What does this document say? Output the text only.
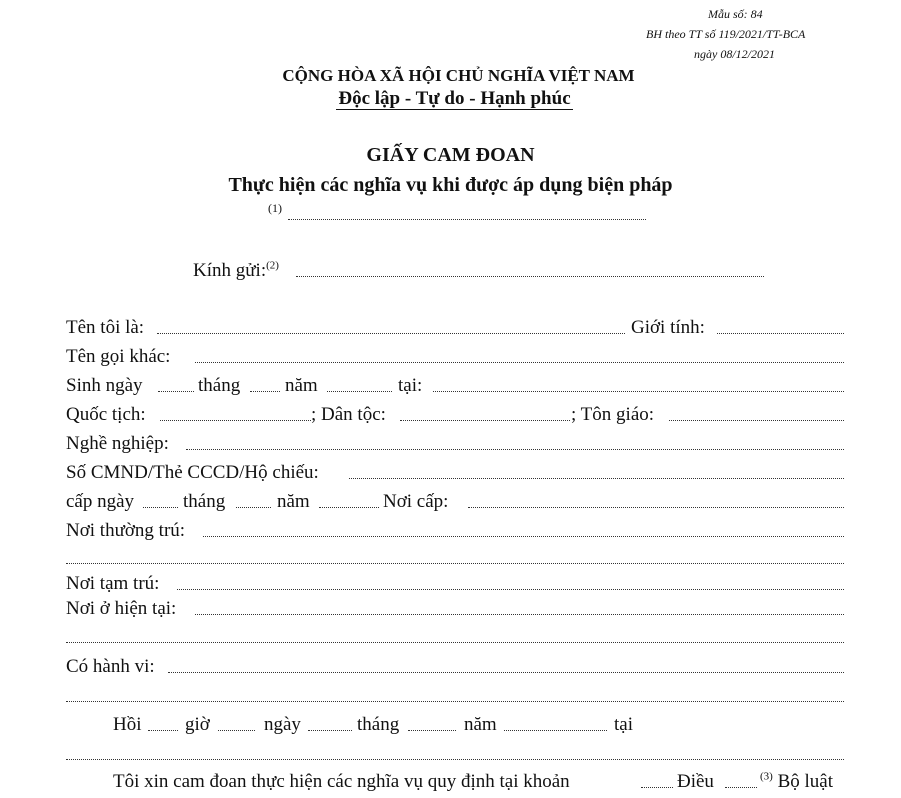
Mẫu số: 84
BH theo TT số 119/2021/TT-BCA
ngày 08/12/2021
CỘNG HÒA XÃ HỘI CHỦ NGHĨA VIỆT NAM
Độc lập - Tự do - Hạnh phúc
GIẤY CAM ĐOAN
Thực hiện các nghĩa vụ khi được áp dụng biện pháp
(1)
Kính gửi:$^{(2)}$
Tên tôi là:	Giới tính:
Tên gọi khác:
Sinh ngày	tháng năm	tại:
Quốc tịch:	; Dân tộc:	; Tôn giáo:
Nghề nghiệp:
Số CMND/Thẻ CCCD/Hộ chiếu:
cấp ngày	tháng	năm	Nơi cấp:
Nơi thường trú:
Nơi tạm trú:
Nơi ở hiện tại:
Có hành vi:
Hồi giờ	ngày	tháng	năm	tại
Tôi xin cam đoan thực hiện các nghĩa vụ quy định tại khoản	Điều	$^{(3)}$ Bộ luật
